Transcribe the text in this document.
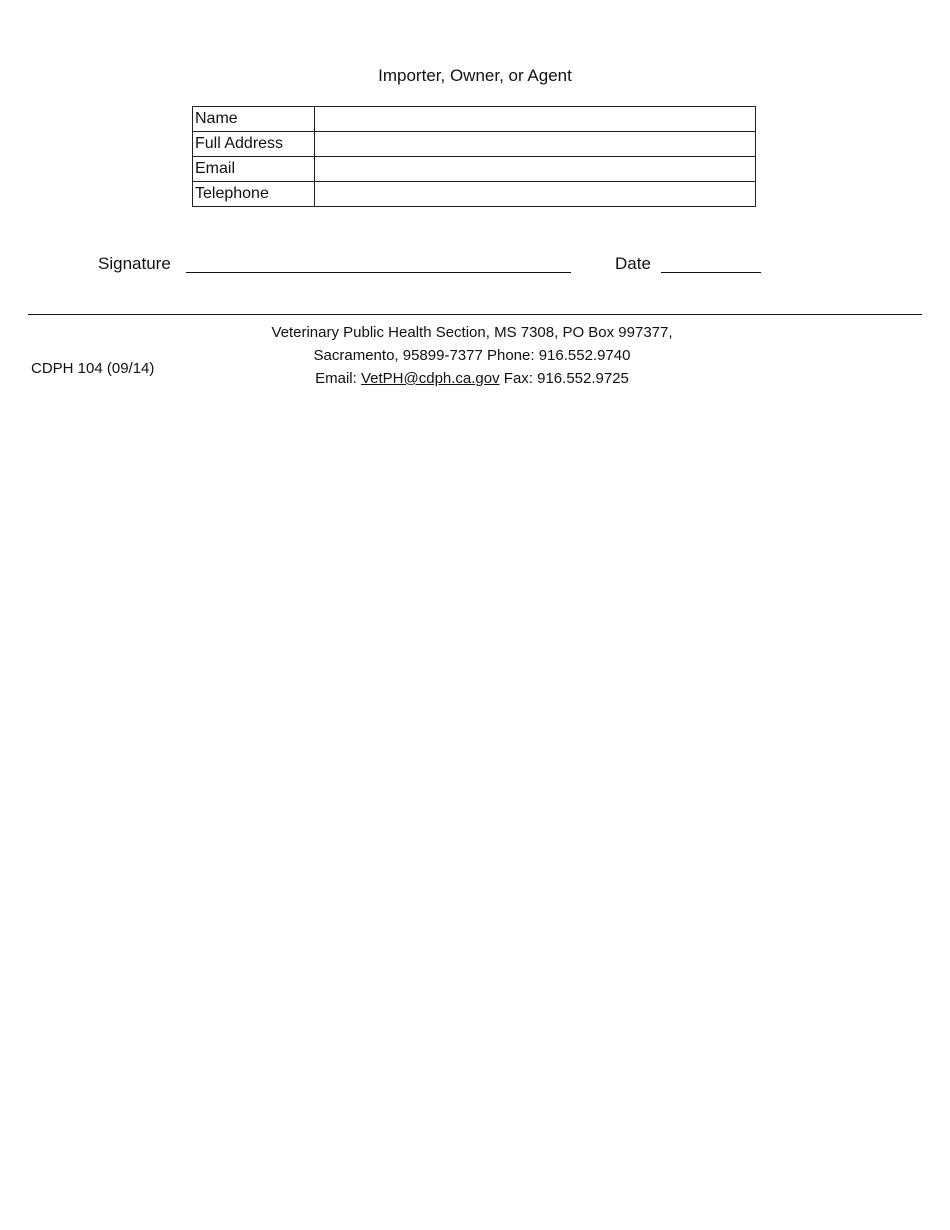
Importer, Owner, or Agent
Name	
Full Address	
Email	
Telephone	
Signature	Date
CDPH 104 (09/14)
Veterinary Public Health Section, MS 7308, PO Box 997377,
Sacramento, 95899-7377 Phone: 916.552.9740
Email: VetPH@cdph.ca.gov Fax: 916.552.9725
